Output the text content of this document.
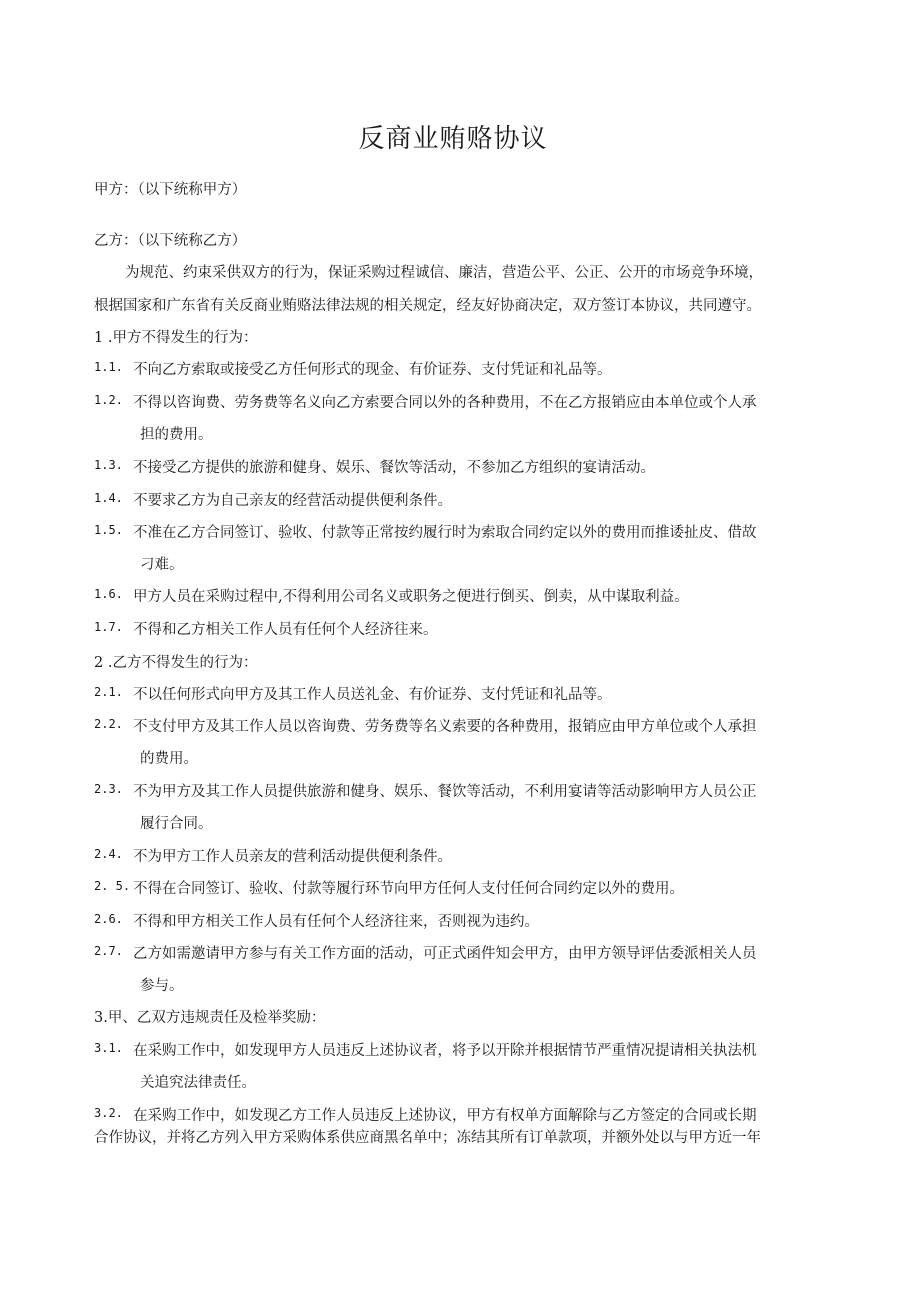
反商业贿赂协议

甲方：（以下统称甲方）

乙方：（以下统称乙方）

为规范、约束采供双方的行为，保证采购过程诚信、廉洁，营造公平、公正、公开的市场竞争环境，

根据国家和广东省有关反商业贿赂法律法规的相关规定，经友好协商决定，双方签订本协议，共同遵守。

1 .甲方不得发生的行为：

1.1. 不向乙方索取或接受乙方任何形式的现金、有价证券、支付凭证和礼品等。

1.2. 不得以咨询费、劳务费等名义向乙方索要合同以外的各种费用，不在乙方报销应由本单位或个人承

担的费用。

1.3. 不接受乙方提供的旅游和健身、娱乐、餐饮等活动，不参加乙方组织的宴请活动。

1.4. 不要求乙方为自己亲友的经营活动提供便利条件。

1.5. 不准在乙方合同签订、验收、付款等正常按约履行时为索取合同约定以外的费用而推诿扯皮、借故

刁难。

1.6. 甲方人员在采购过程中,不得利用公司名义或职务之便进行倒买、倒卖，从中谋取利益。

1.7. 不得和乙方相关工作人员有任何个人经济往来。

2 .乙方不得发生的行为：

2.1. 不以任何形式向甲方及其工作人员送礼金、有价证券、支付凭证和礼品等。

2.2. 不支付甲方及其工作人员以咨询费、劳务费等名义索要的各种费用，报销应由甲方单位或个人承担

的费用。

2.3. 不为甲方及其工作人员提供旅游和健身、娱乐、餐饮等活动，不利用宴请等活动影响甲方人员公正

履行合同。

2.4. 不为甲方工作人员亲友的营利活动提供便利条件。

2. 5. 不得在合同签订、验收、付款等履行环节向甲方任何人支付任何合同约定以外的费用。

2.6. 不得和甲方相关工作人员有任何个人经济往来，否则视为违约。

2.7. 乙方如需邀请甲方参与有关工作方面的活动，可正式函件知会甲方，由甲方领导评估委派相关人员

参与。

3.甲、乙双方违规责任及检举奖励：

3.1. 在采购工作中，如发现甲方人员违反上述协议者，将予以开除并根据情节严重情况提请相关执法机

关追究法律责任。

3.2. 在采购工作中，如发现乙方工作人员违反上述协议，甲方有权单方面解除与乙方签定的合同或长期

合作协议，并将乙方列入甲方采购体系供应商黑名单中；冻结其所有订单款项，并额外处以与甲方近一年
